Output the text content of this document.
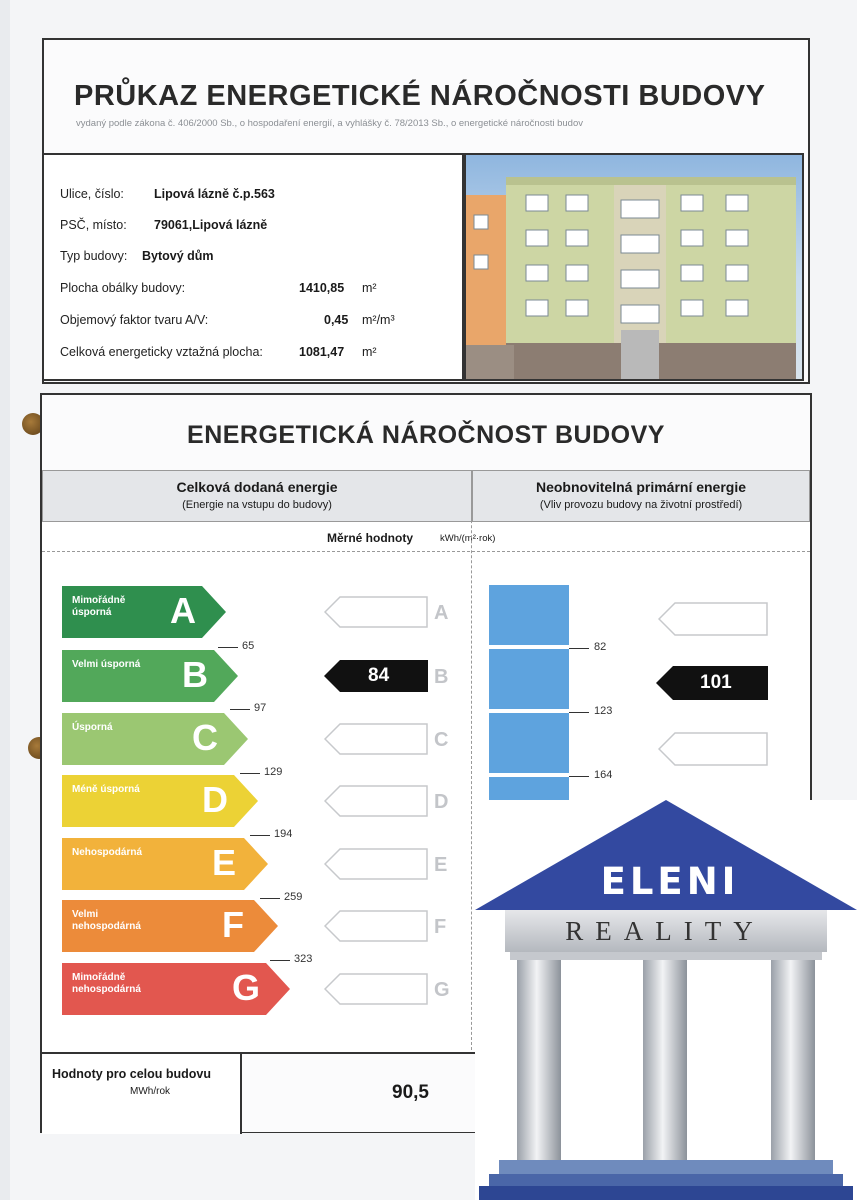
PRŮKAZ ENERGETICKÉ NÁROČNOSTI BUDOVY
vydaný podle zákona č. 406/2000 Sb., o hospodaření energií, a vyhlášky č. 78/2013 Sb., o energetické náročnosti budov
Ulice, číslo: Lipová lázně č.p.563
PSČ, místo: 79061,Lipová lázně
Typ budovy: Bytový dům
Plocha obálky budovy:	1410,85 m²
Objemový faktor tvaru A/V:	0,45 m²/m³
Celková energeticky vztažná plocha:	1081,47 m²
ENERGETICKÁ NÁROČNOST BUDOVY
Celková dodaná energie
(Energie na vstupu do budovy)
Neobnovitelná primární energie
(Vliv provozu budovy na životní prostředí)
Měrné hodnoty	kWh/(m²·rok)
Mimořádně úsporná	A
Velmi úsporná	B
Úsporná	C
Méně úsporná	D
Nehospodárná	E
Velmi nehospodárná	F
Mimořádně nehospodárná	G
65
97
129
194
259
323
A
84 B
C
D
E
F
G
82
123
164
101
Hodnoty pro celou budovu
MWh/rok	90,5
ELENI
REALITY
